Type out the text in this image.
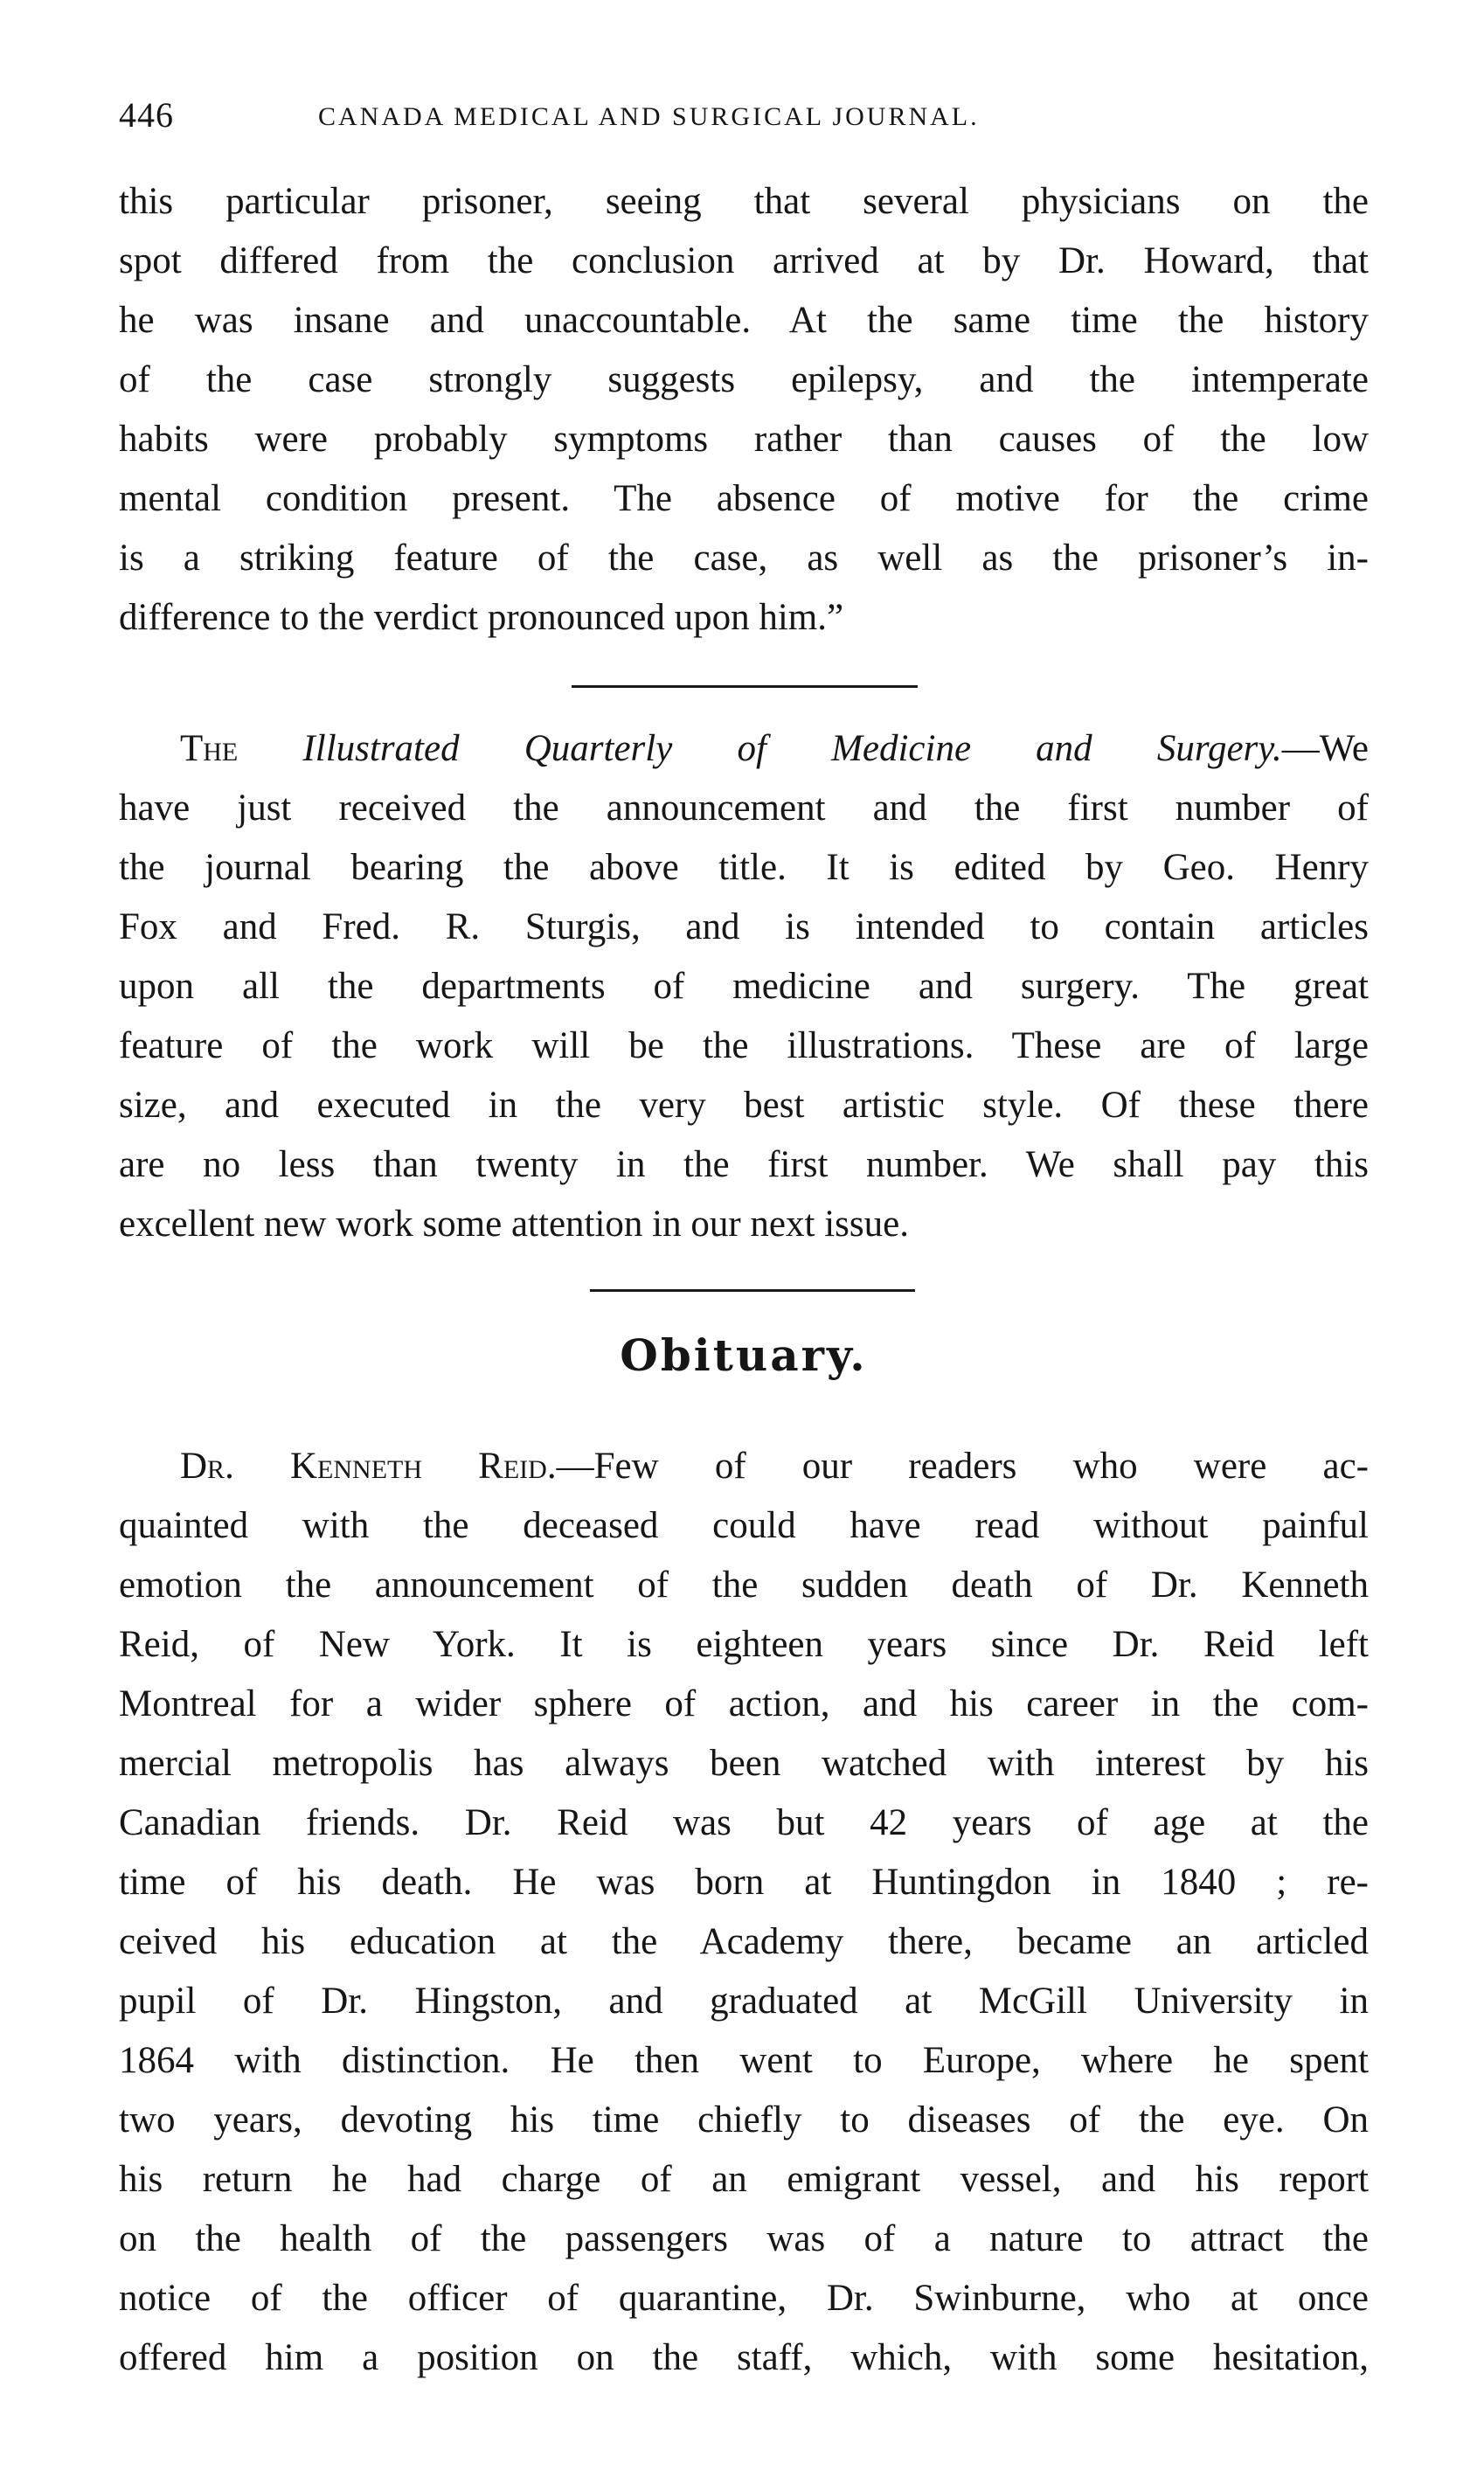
446	CANADA MEDICAL AND SURGICAL JOURNAL.
this particular prisoner, seeing that several physicians on the
spot differed from the conclusion arrived at by Dr. Howard, that
he was insane and unaccountable. At the same time the history
of the case strongly suggests epilepsy, and the intemperate
habits were probably symptoms rather than causes of the low
mental condition present. The absence of motive for the crime
is a striking feature of the case, as well as the prisoner’s in-
difference to the verdict pronounced upon him.”
The Illustrated Quarterly of Medicine and Surgery.—We
have just received the announcement and the first number of
the journal bearing the above title. It is edited by Geo. Henry
Fox and Fred. R. Sturgis, and is intended to contain articles
upon all the departments of medicine and surgery. The great
feature of the work will be the illustrations. These are of large
size, and executed in the very best artistic style. Of these there
are no less than twenty in the first number. We shall pay this
excellent new work some attention in our next issue.
Obituary.
Dr. Kenneth Reid.—Few of our readers who were ac-
quainted with the deceased could have read without painful
emotion the announcement of the sudden death of Dr. Kenneth
Reid, of New York. It is eighteen years since Dr. Reid left
Montreal for a wider sphere of action, and his career in the com-
mercial metropolis has always been watched with interest by his
Canadian friends. Dr. Reid was but 42 years of age at the
time of his death. He was born at Huntingdon in 1840 ; re-
ceived his education at the Academy there, became an articled
pupil of Dr. Hingston, and graduated at McGill University in
1864 with distinction. He then went to Europe, where he spent
two years, devoting his time chiefly to diseases of the eye. On
his return he had charge of an emigrant vessel, and his report
on the health of the passengers was of a nature to attract the
notice of the officer of quarantine, Dr. Swinburne, who at once
offered him a position on the staff, which, with some hesitation,
